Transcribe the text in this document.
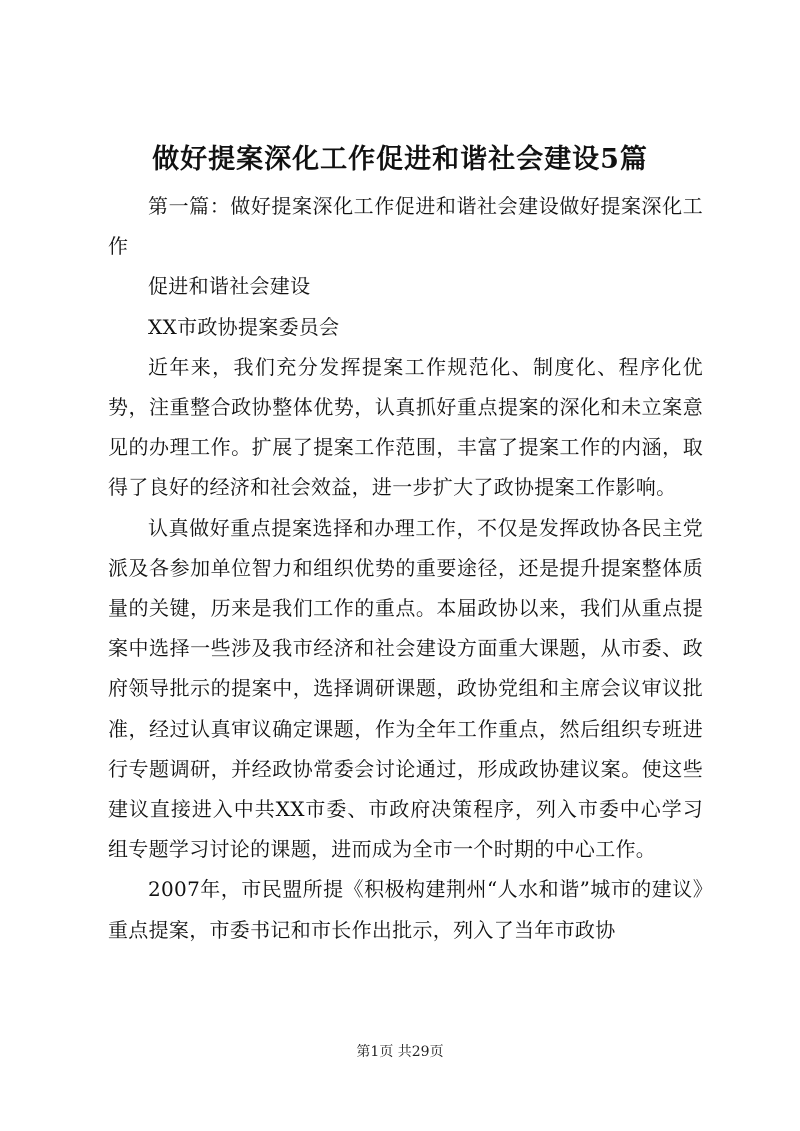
做好提案深化工作促进和谐社会建设5篇

第一篇：做好提案深化工作促进和谐社会建设做好提案深化工作

促进和谐社会建设

XX市政协提案委员会

近年来，我们充分发挥提案工作规范化、制度化、程序化优势，注重整合政协整体优势，认真抓好重点提案的深化和未立案意见的办理工作。扩展了提案工作范围，丰富了提案工作的内涵，取得了良好的经济和社会效益，进一步扩大了政协提案工作影响。

认真做好重点提案选择和办理工作，不仅是发挥政协各民主党派及各参加单位智力和组织优势的重要途径，还是提升提案整体质量的关键，历来是我们工作的重点。本届政协以来，我们从重点提案中选择一些涉及我市经济和社会建设方面重大课题，从市委、政府领导批示的提案中，选择调研课题，政协党组和主席会议审议批准，经过认真审议确定课题，作为全年工作重点，然后组织专班进行专题调研，并经政协常委会讨论通过，形成政协建议案。使这些建议直接进入中共XX市委、市政府决策程序，列入市委中心学习组专题学习讨论的课题，进而成为全市一个时期的中心工作。

2007年，市民盟所提《积极构建荆州“人水和谐”城市的建议》重点提案，市委书记和市长作出批示，列入了当年市政协

第1页 共29页
